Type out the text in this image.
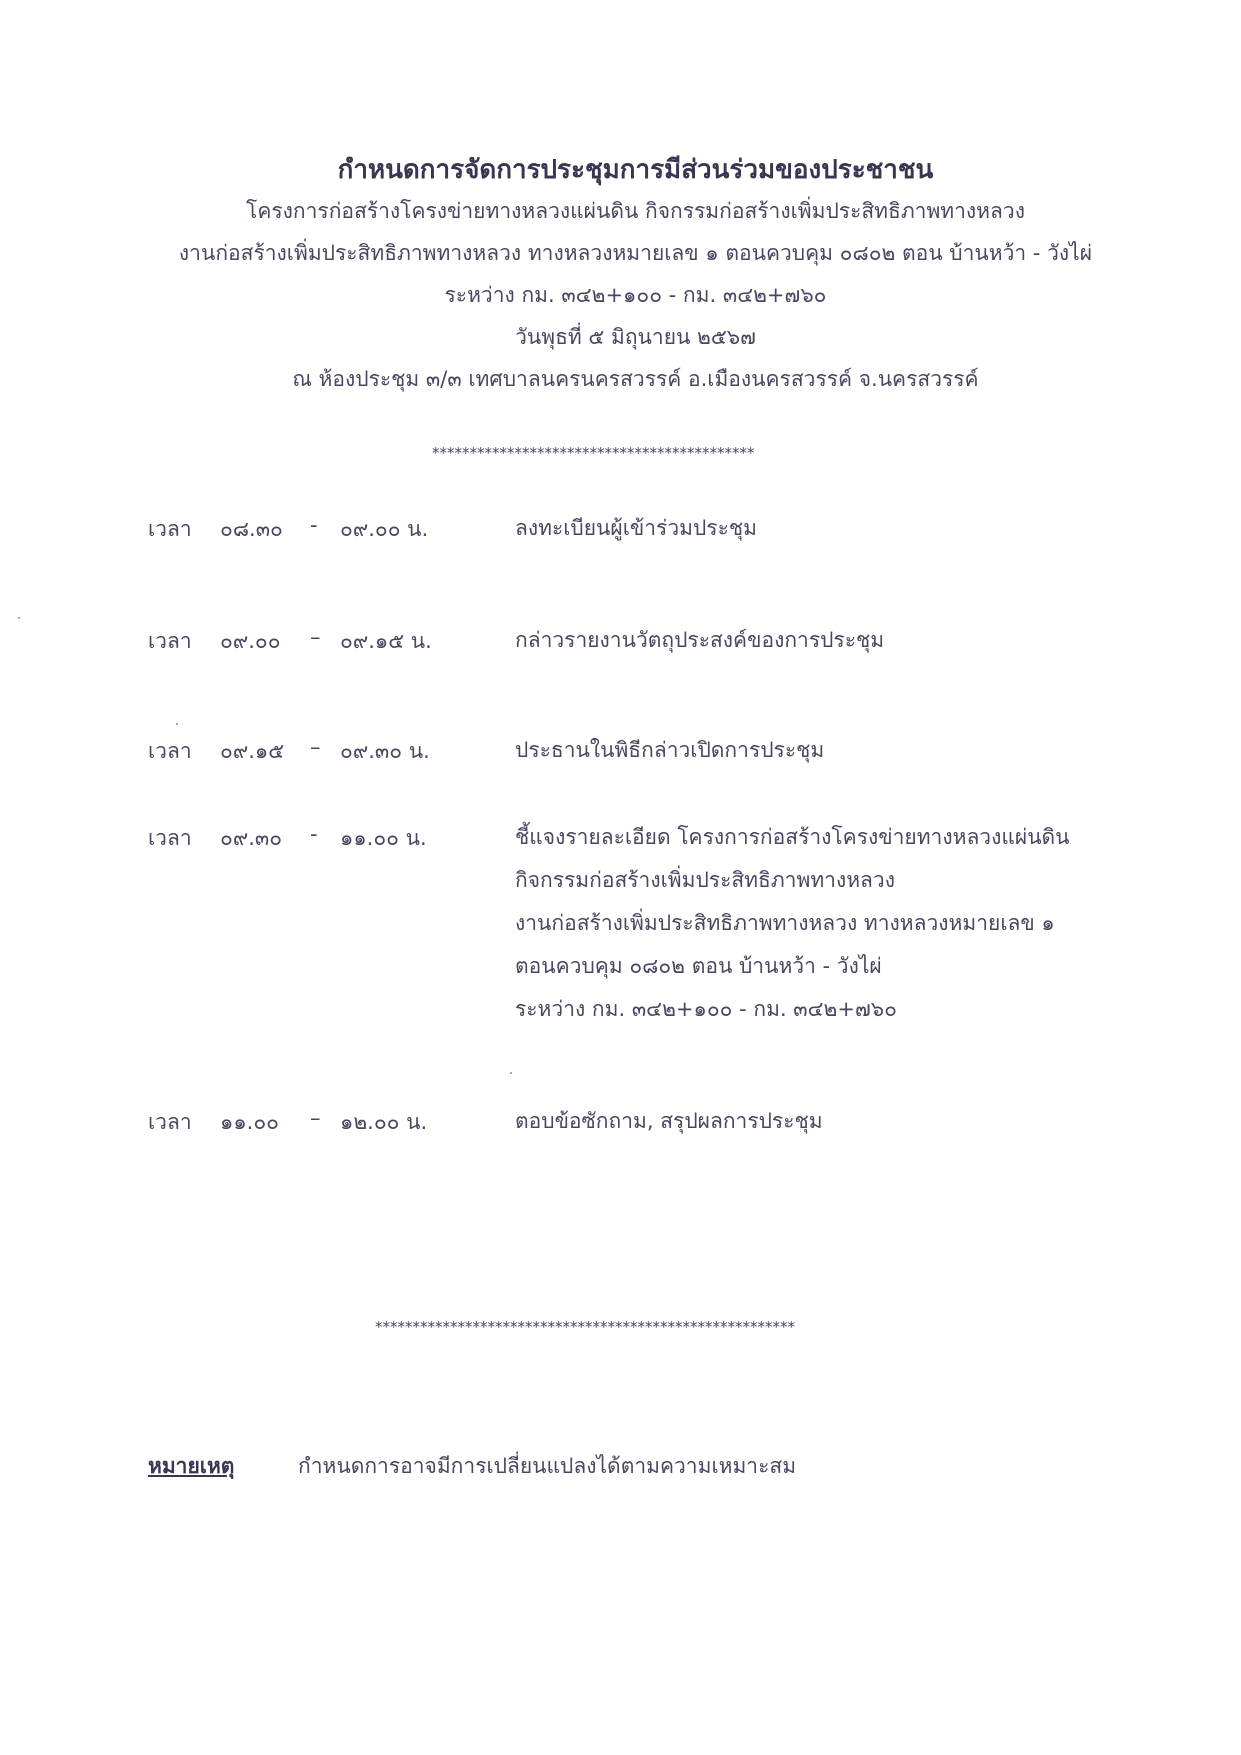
กำหนดการจัดการประชุมการมีส่วนร่วมของประชาชน
โครงการก่อสร้างโครงข่ายทางหลวงแผ่นดิน กิจกรรมก่อสร้างเพิ่มประสิทธิภาพทางหลวง
งานก่อสร้างเพิ่มประสิทธิภาพทางหลวง ทางหลวงหมายเลข ๑ ตอนควบคุม ๐๘๐๒ ตอน บ้านหว้า - วังไผ่
ระหว่าง กม. ๓๔๒+๑๐๐ - กม. ๓๔๒+๗๖๐
วันพุธที่ ๕ มิถุนายน ๒๕๖๗
ณ ห้องประชุม ๓/๓ เทศบาลนครนครสวรรค์ อ.เมืองนครสวรรค์ จ.นครสวรรค์
*******************************************
เวลา ๐๘.๓๐ - ๐๙.๐๐ น.	ลงทะเบียนผู้เข้าร่วมประชุม
เวลา ๐๙.๐๐ – ๐๙.๑๕ น.	กล่าวรายงานวัตถุประสงค์ของการประชุม
เวลา ๐๙.๑๕ – ๐๙.๓๐ น.	ประธานในพิธีกล่าวเปิดการประชุม
เวลา ๐๙.๓๐ - ๑๑.๐๐ น.	ชี้แจงรายละเอียด โครงการก่อสร้างโครงข่ายทางหลวงแผ่นดิน
กิจกรรมก่อสร้างเพิ่มประสิทธิภาพทางหลวง
งานก่อสร้างเพิ่มประสิทธิภาพทางหลวง ทางหลวงหมายเลข ๑
ตอนควบคุม ๐๘๐๒ ตอน บ้านหว้า - วังไผ่
ระหว่าง กม. ๓๔๒+๑๐๐ - กม. ๓๔๒+๗๖๐
เวลา ๑๑.๐๐ – ๑๒.๐๐ น.	ตอบข้อซักถาม, สรุปผลการประชุม
********************************************************
หมายเหตุ	กำหนดการอาจมีการเปลี่ยนแปลงได้ตามความเหมาะสม
